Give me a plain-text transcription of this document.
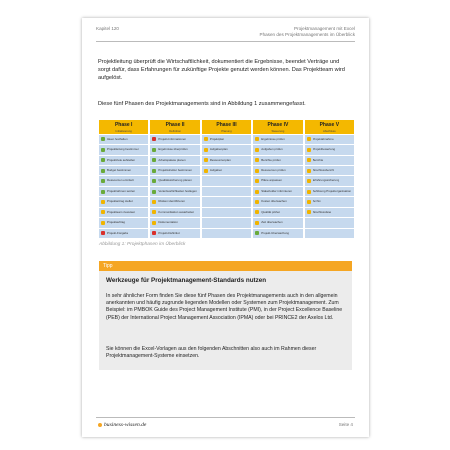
Kapitel 120	Projektmanagement mit Excel
Phasen des Projektmanagements im Überblick
Projektleitung überprüft die Wirtschaftlichkeit, dokumentiert die Ergebnisse, beendet Verträge und sorgt dafür, dass Erfahrungen für zukünftige Projekte genutzt werden können. Das Projektteam wird aufgelöst.
Diese fünf Phasen des Projektmanagements sind in Abbildung 1 zusammengefasst.
Phase I
Initialisierung
Ideen festhalten
Projektleitung bestimmen
Projektziele aufstellen
Budget bestimmen
Ressourcen ermitteln
Projektrahmen setzen
Projektantrag stellen
Projektteam zuweisen
Projektauftrag
Projekt-Freigabe
Phase II
Definition
Projekt-Informationen
Ergebnisse überprüfen
Arbeitspakete planen
Projektstruktur bestimmen
Qualitätssicherung planen
Verantwortlichkeiten festlegen
Risiken identifizieren
Kommunikation ausarbeiten
Dokumentation
Projekt-Definition
Phase III
Planung
Projektplan
Aufgabenplan
Ressourcenplan
Aufgaben
Phase IV
Steuerung
Ergebnisse prüfen
Aufgaben prüfen
Berichte prüfen
Ressourcen prüfen
Pläne anpassen
Stakeholder informieren
Kosten überwachen
Qualität prüfen
Zeit überwachen
Projekt-Überwachung
Phase V
Abschluss
Projektabnahme
Projektbewertung
Berichte
Abschlussbericht
Erfahrungssicherung
Auflösung Projektorganisation
Archiv
Abschlussfeier
Abbildung 1: Projektphasen im Überblick
Tipp
Werkzeuge für Projektmanagement-Standards nutzen
In sehr ähnlicher Form finden Sie diese fünf Phasen des Projektmanagements auch in den allgemein anerkannten und häufig zugrunde liegenden Modellen oder Systemen zum Projektmanagement. Zum Beispiel: im PMBOK Guide des Project Management Institute (PMI), in der Project Excellence Baseline (PEB) der International Project Management Association (IPMA) oder bei PRINCE2 der Axelos Ltd.
Sie können die Excel-Vorlagen aus den folgenden Abschnitten also auch im Rahmen dieser Projektmanagement-Systeme einsetzen.
business-wissen.de	Seite 4
